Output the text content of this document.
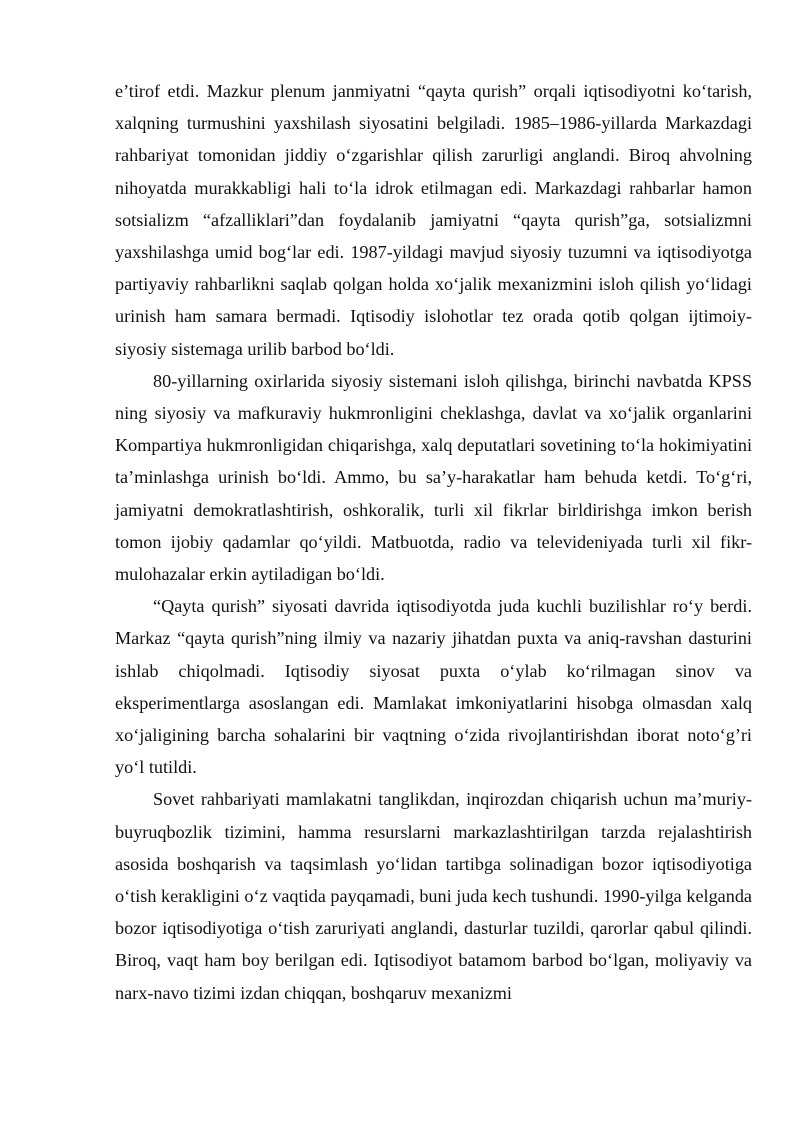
e’tirof etdi. Mazkur plenum janmiyatni “qayta qurish” orqali iqtisodiyotni ko‘tarish, xalqning turmushini yaxshilash siyosatini belgiladi. 1985–1986-yillarda Markazdagi rahbariyat tomonidan jiddiy o‘zgarishlar qilish zarurligi anglandi. Biroq ahvolning nihoyatda murakkabligi hali to‘la idrok etilmagan edi. Markazdagi rahbarlar hamon sotsializm “afzalliklari”dan foydalanib jamiyatni “qayta qurish”ga, sotsializmni yaxshilashga umid bog‘lar edi. 1987-yildagi mavjud siyosiy tuzumni va iqtisodiyotga partiyaviy rahbarlikni saqlab qolgan holda xo‘jalik mexanizmini isloh qilish yo‘lidagi urinish ham samara bermadi. Iqtisodiy islohotlar tez orada qotib qolgan ijtimoiy-siyosiy sistemaga urilib barbod bo‘ldi.

80-yillarning oxirlarida siyosiy sistemani isloh qilishga, birinchi navbatda KPSS ning siyosiy va mafkuraviy hukmronligini cheklashga, davlat va xo‘jalik organlarini Kompartiya hukmronligidan chiqarishga, xalq deputatlari sovetining to‘la hokimiyatini ta’minlashga urinish bo‘ldi. Ammo, bu sa’y-harakatlar ham behuda ketdi. To‘g‘ri, jamiyatni demokratlashtirish, oshkoralik, turli xil fikrlar birldirishga imkon berish tomon ijobiy qadamlar qo‘yildi. Matbuotda, radio va televideniyada turli xil fikr-mulohazalar erkin aytiladigan bo‘ldi.

“Qayta qurish” siyosati davrida iqtisodiyotda juda kuchli buzilishlar ro‘y berdi. Markaz “qayta qurish”ning ilmiy va nazariy jihatdan puxta va aniq-ravshan dasturini ishlab chiqolmadi. Iqtisodiy siyosat puxta o‘ylab ko‘rilmagan sinov va eksperimentlarga asoslangan edi. Mamlakat imkoniyatlarini hisobga olmasdan xalq xo‘jaligining barcha sohalarini bir vaqtning o‘zida rivojlantirishdan iborat noto‘g’ri yo‘l tutildi.

Sovet rahbariyati mamlakatni tanglikdan, inqirozdan chiqarish uchun ma’muriy-buyruqbozlik tizimini, hamma resurslarni markazlashtirilgan tarzda rejalashtirish asosida boshqarish va taqsimlash yo‘lidan tartibga solinadigan bozor iqtisodiyotiga o‘tish kerakligini o‘z vaqtida payqamadi, buni juda kech tushundi. 1990-yilga kelganda bozor iqtisodiyotiga o‘tish zaruriyati anglandi, dasturlar tuzildi, qarorlar qabul qilindi. Biroq, vaqt ham boy berilgan edi. Iqtisodiyot batamom barbod bo‘lgan, moliyaviy va narx-navo tizimi izdan chiqqan, boshqaruv mexanizmi
